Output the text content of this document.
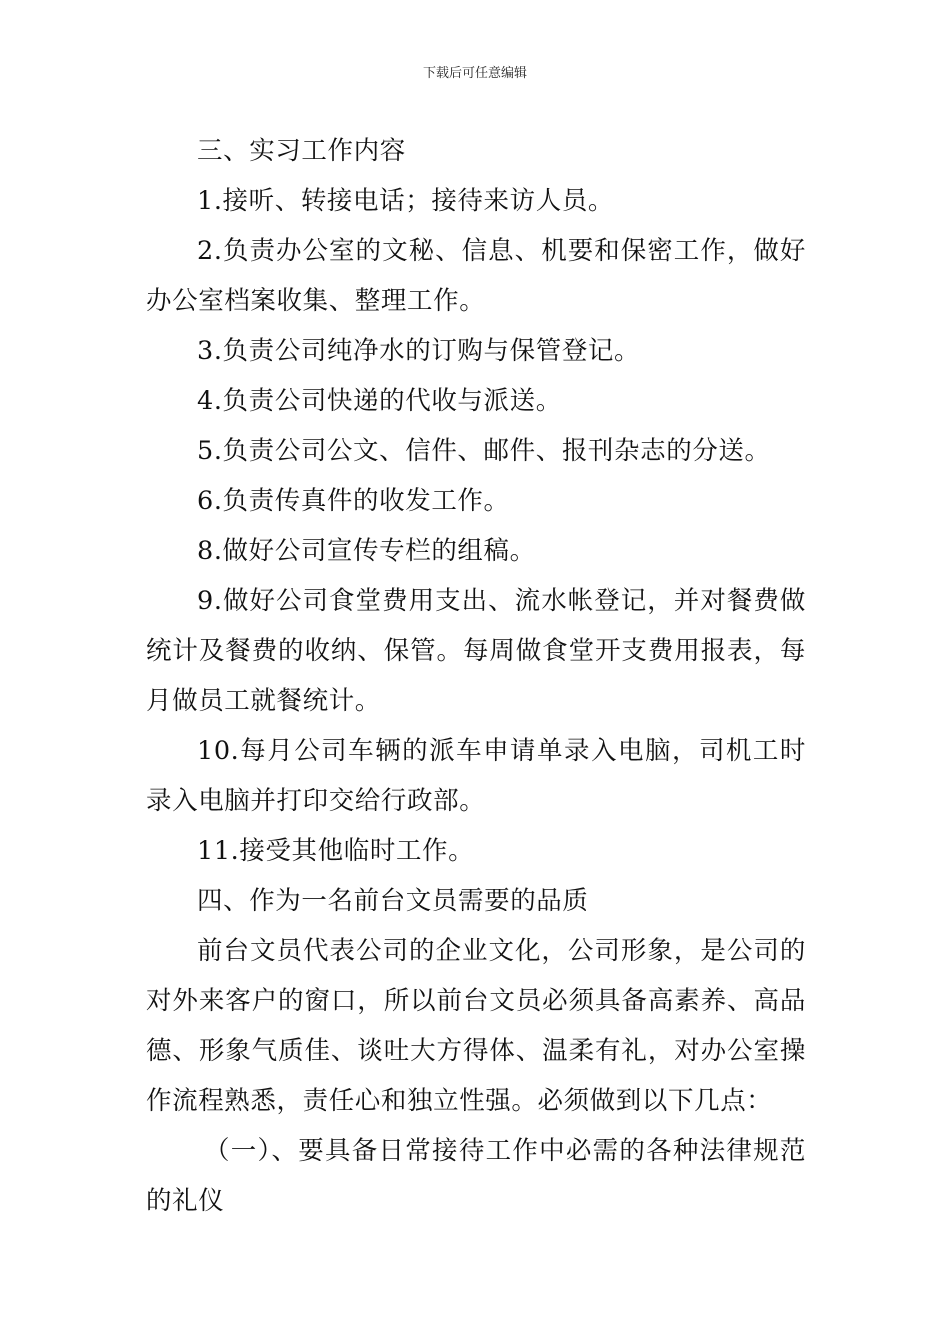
下载后可任意编辑

三、实习工作内容

1.接听、转接电话；接待来访人员。

2.负责办公室的文秘、信息、机要和保密工作，做好办公室档案收集、整理工作。

3.负责公司纯净水的订购与保管登记。

4.负责公司快递的代收与派送。

5.负责公司公文、信件、邮件、报刊杂志的分送。

6.负责传真件的收发工作。

8.做好公司宣传专栏的组稿。

9.做好公司食堂费用支出、流水帐登记，并对餐费做统计及餐费的收纳、保管。每周做食堂开支费用报表，每月做员工就餐统计。

10.每月公司车辆的派车申请单录入电脑，司机工时录入电脑并打印交给行政部。

11.接受其他临时工作。

四、作为一名前台文员需要的品质

前台文员代表公司的企业文化，公司形象，是公司的对外来客户的窗口，所以前台文员必须具备高素养、高品德、形象气质佳、谈吐大方得体、温柔有礼，对办公室操作流程熟悉，责任心和独立性强。必须做到以下几点：

（一）、要具备日常接待工作中必需的各种法律规范的礼仪
